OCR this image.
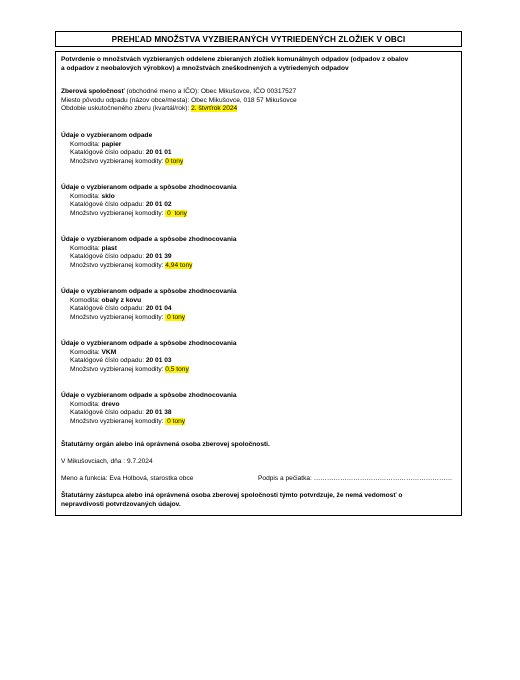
PREHĽAD MNOŽSTVA VYZBIERANÝCH VYTRIEDENÝCH ZLOŽIEK V OBCI
Potvrdenie o množstvách vyzbieraných oddelene zbieraných zložiek komunálnych odpadov (odpadov z obalov
a odpadov z neobalových výrobkov) a množstvách zneškodnených a vytriedených odpadov
Zberová spoločnosť (obchodné meno a IČO): Obec Mikušovce, IČO 00317527
Miesto pôvodu odpadu (názov obce/mesta): Obec Mikušovce, 018 57 Mikušovce
Obdobie uskutočneného zberu (kvartál/rok): 2. štvrťrok 2024
Údaje o vyzbieranom odpade
Komodita: papier
Katalógové číslo odpadu: 20 01 01
Množstvo vyzbieranej komodity: 0 tony
Údaje o vyzbieranom odpade a spôsobe zhodnocovania
Komodita: sklo
Katalógové číslo odpadu: 20 01 02
Množstvo vyzbieranej komodity:  0  tony
Údaje o vyzbieranom odpade a spôsobe zhodnocovania
Komodita: plast
Katalógové číslo odpadu: 20 01 39
Množstvo vyzbieranej komodity: 4,94 tony
Údaje o vyzbieranom odpade a spôsobe zhodnocovania
Komodita: obaly z kovu
Katalógové číslo odpadu: 20 01 04
Množstvo vyzbieranej komodity:  0 tony
Údaje o vyzbieranom odpade a spôsobe zhodnocovania
Komodita: VKM
Katalógové číslo odpadu: 20 01 03
Množstvo vyzbieranej komodity: 0,5 tony
Údaje o vyzbieranom odpade a spôsobe zhodnocovania
Komodita: drevo
Katalógové číslo odpadu: 20 01 38
Množstvo vyzbieranej komodity:  0 tony
Štatutárny orgán alebo iná oprávnená osoba zberovej spoločnosti.
V Mikušovciach, dňa : 9.7.2024
Meno a funkcia: Eva Holbová, starostka obce	Podpis a pečiatka: ………………………………………………………
Štatutárny zástupca alebo iná oprávnená osoba zberovej spoločnosti týmto potvrdzuje, že nemá vedomosť o
nepravdivosti potvrdzovaných údajov.
